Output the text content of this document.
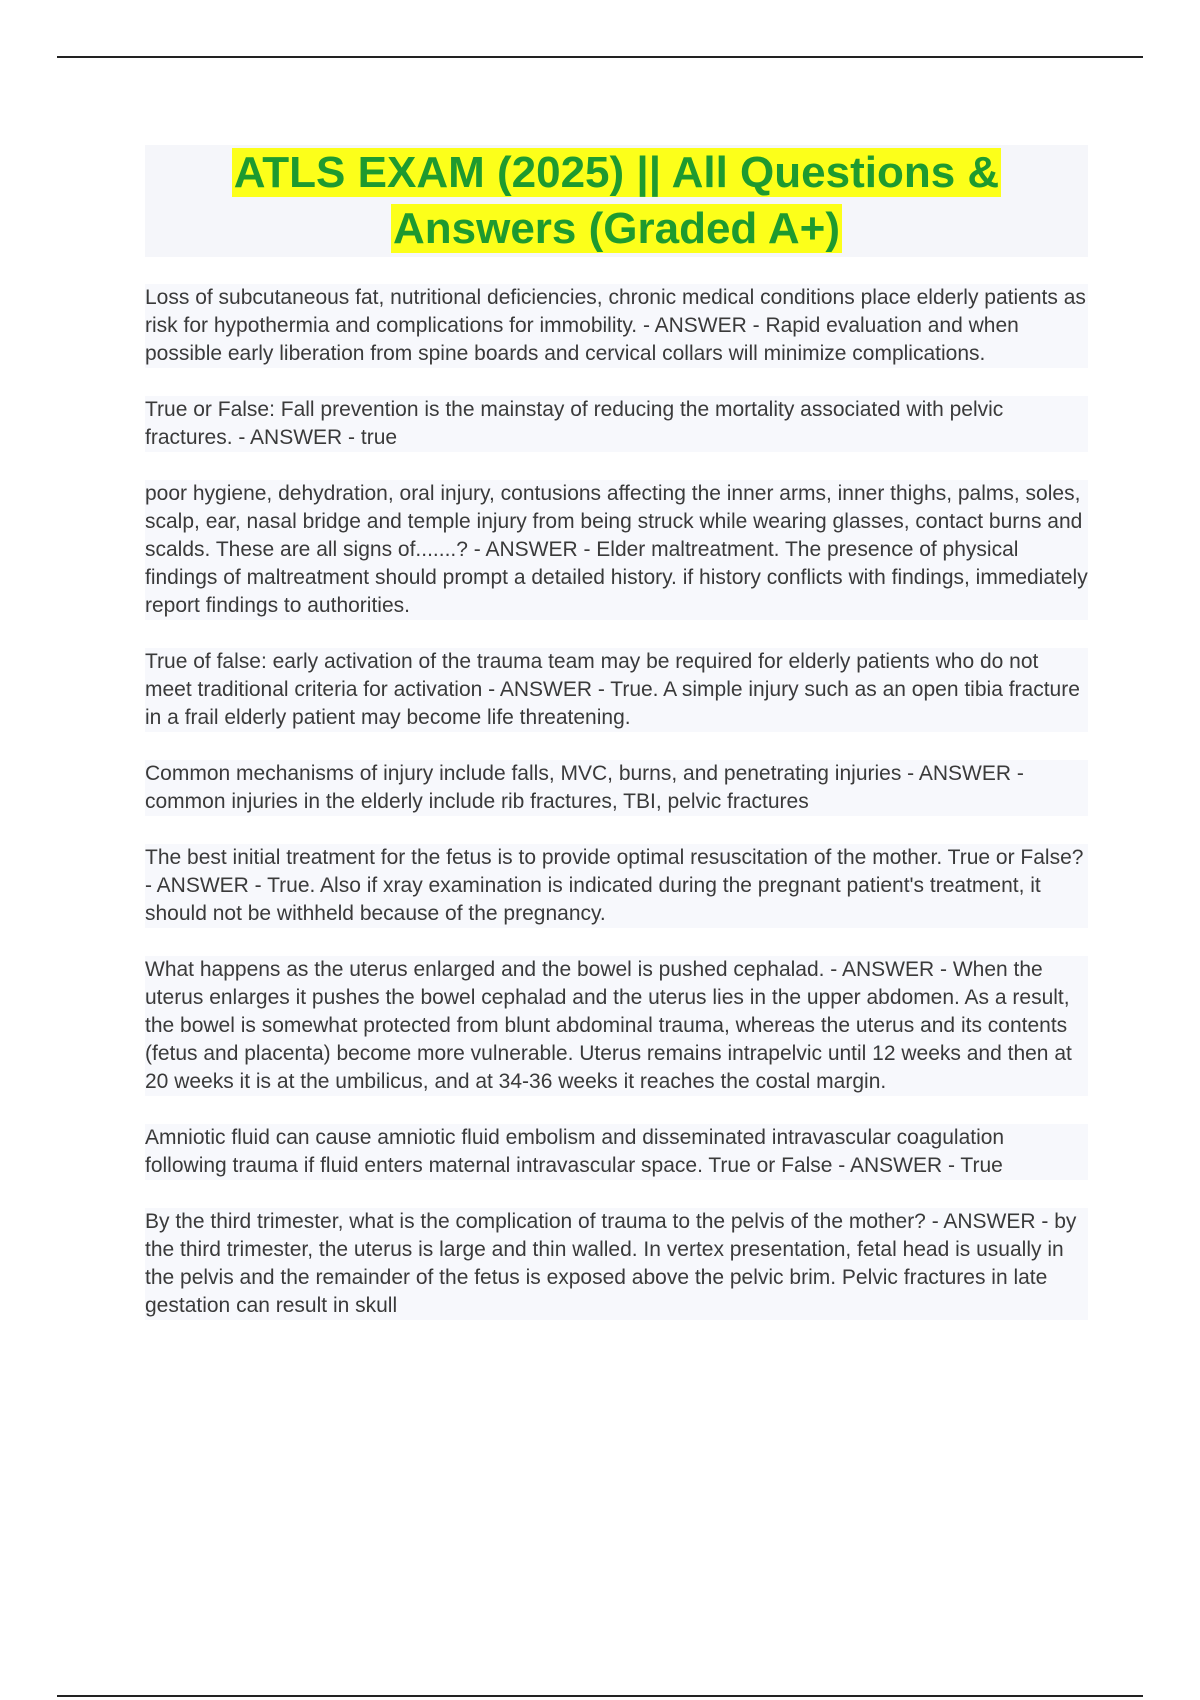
ATLS EXAM (2025) || All Questions &
Answers (Graded A+)

Loss of subcutaneous fat, nutritional deficiencies, chronic medical conditions place elderly patients as risk for hypothermia and complications for immobility. - ANSWER - Rapid evaluation and when possible early liberation from spine boards and cervical collars will minimize complications.

True or False: Fall prevention is the mainstay of reducing the mortality associated with pelvic fractures. - ANSWER - true

poor hygiene, dehydration, oral injury, contusions affecting the inner arms, inner thighs, palms, soles, scalp, ear, nasal bridge and temple injury from being struck while wearing glasses, contact burns and scalds. These are all signs of.......? - ANSWER - Elder maltreatment. The presence of physical findings of maltreatment should prompt a detailed history. if history conflicts with findings, immediately report findings to authorities.

True of false: early activation of the trauma team may be required for elderly patients who do not meet traditional criteria for activation - ANSWER - True. A simple injury such as an open tibia fracture in a frail elderly patient may become life threatening.

Common mechanisms of injury include falls, MVC, burns, and penetrating injuries - ANSWER - common injuries in the elderly include rib fractures, TBI, pelvic fractures

The best initial treatment for the fetus is to provide optimal resuscitation of the mother. True or False? - ANSWER - True. Also if xray examination is indicated during the pregnant patient's treatment, it should not be withheld because of the pregnancy.

What happens as the uterus enlarged and the bowel is pushed cephalad. - ANSWER - When the uterus enlarges it pushes the bowel cephalad and the uterus lies in the upper abdomen. As a result, the bowel is somewhat protected from blunt abdominal trauma, whereas the uterus and its contents (fetus and placenta) become more vulnerable. Uterus remains intrapelvic until 12 weeks and then at 20 weeks it is at the umbilicus, and at 34-36 weeks it reaches the costal margin.

Amniotic fluid can cause amniotic fluid embolism and disseminated intravascular coagulation following trauma if fluid enters maternal intravascular space. True or False - ANSWER - True

By the third trimester, what is the complication of trauma to the pelvis of the mother? - ANSWER - by the third trimester, the uterus is large and thin walled. In vertex presentation, fetal head is usually in the pelvis and the remainder of the fetus is exposed above the pelvic brim. Pelvic fractures in late gestation can result in skull
